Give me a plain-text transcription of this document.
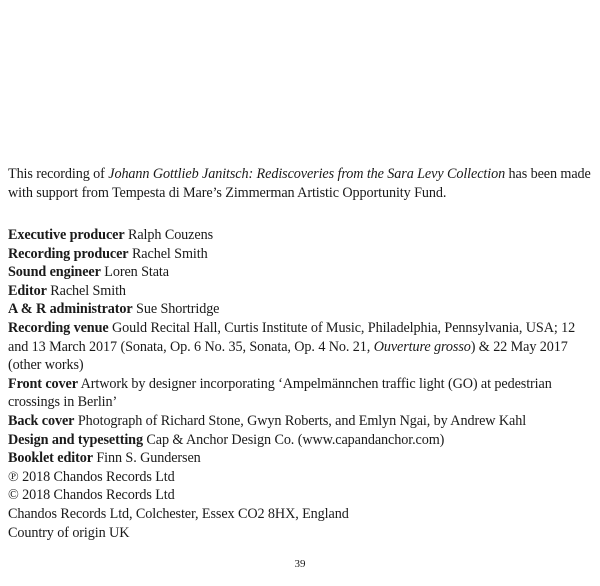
This recording of Johann Gottlieb Janitsch: Rediscoveries from the Sara Levy Collection has been made with support from Tempesta di Mare’s Zimmerman Artistic Opportunity Fund.

Executive producer Ralph Couzens

Recording producer Rachel Smith

Sound engineer Loren Stata

Editor Rachel Smith

A & R administrator Sue Shortridge

Recording venue Gould Recital Hall, Curtis Institute of Music, Philadelphia, Pennsylvania, USA; 12 and 13 March 2017 (Sonata, Op. 6 No. 35, Sonata, Op. 4 No. 21, Ouverture grosso) & 22 May 2017 (other works)

Front cover Artwork by designer incorporating ‘Ampelmännchen traffic light (GO) at pedestrian crossings in Berlin’

Back cover Photograph of Richard Stone, Gwyn Roberts, and Emlyn Ngai, by Andrew Kahl

Design and typesetting Cap & Anchor Design Co. (www.capandanchor.com)

Booklet editor Finn S. Gundersen

℗ 2018 Chandos Records Ltd

© 2018 Chandos Records Ltd

Chandos Records Ltd, Colchester, Essex CO2 8HX, England

Country of origin UK

39
